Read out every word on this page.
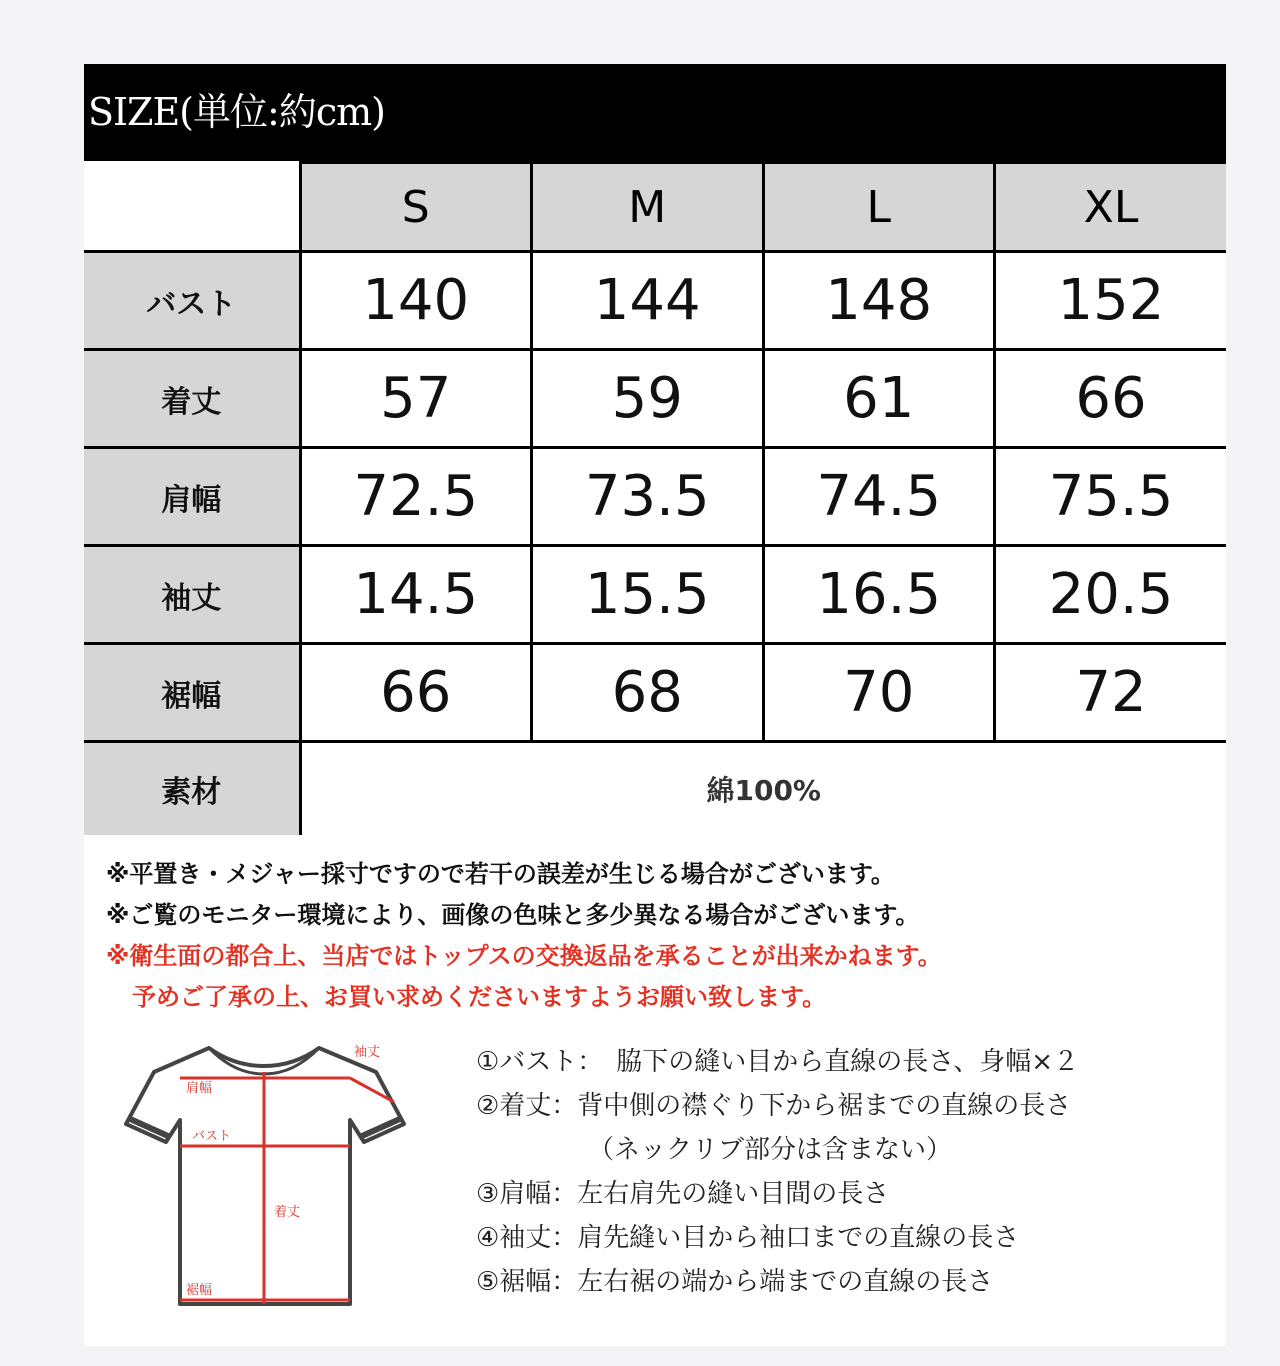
SIZE(単位:約cm)
	S	M	L	XL
バスト	140	144	148	152
着丈	57	59	61	66
肩幅	72.5	73.5	74.5	75.5
袖丈	14.5	15.5	16.5	20.5
裾幅	66	68	70	72
素材	綿100%			
※平置き・メジャー採寸ですので若干の誤差が生じる場合がございます。
※ご覧のモニター環境により、画像の色味と多少異なる場合がございます。
※衛生面の都合上、当店ではトップスの交換返品を承ることが出来かねます。
予めご了承の上、お買い求めくださいますようお願い致します。
袖丈
肩幅
バスト
着丈
裾幅
①バスト：　脇下の縫い目から直線の長さ、身幅×２
②着丈：背中側の襟ぐり下から裾までの直線の長さ
（ネックリブ部分は含まない）
③肩幅：左右肩先の縫い目間の長さ
④袖丈：肩先縫い目から袖口までの直線の長さ
⑤裾幅：左右裾の端から端までの直線の長さ
